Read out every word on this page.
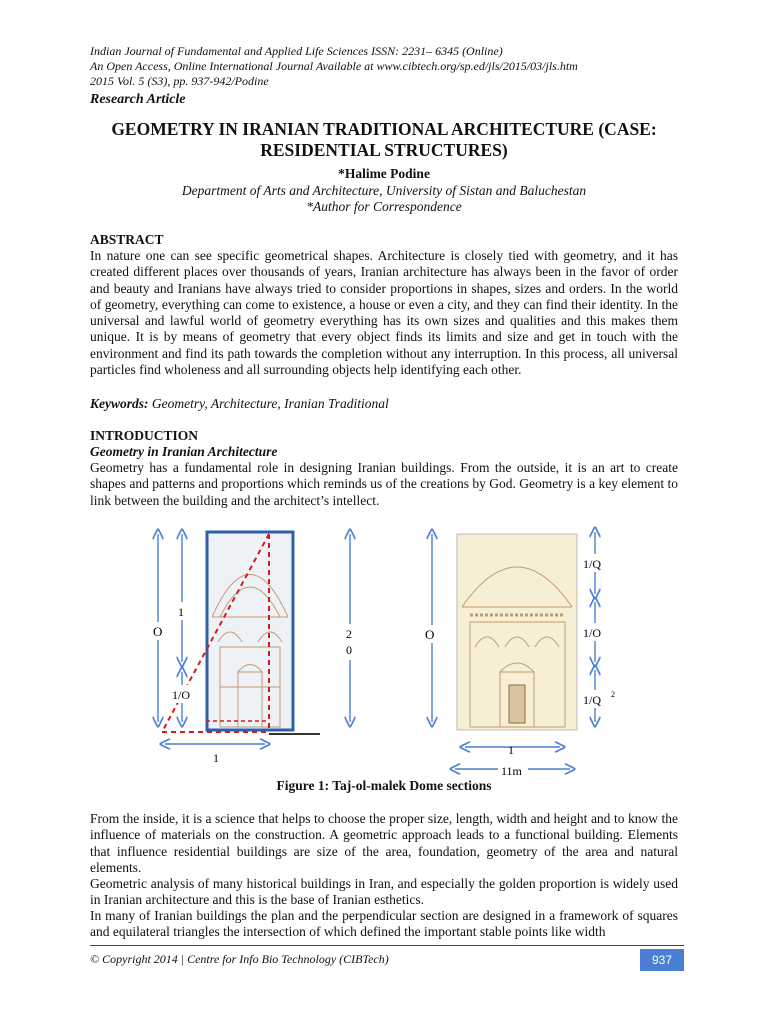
Indian Journal of Fundamental and Applied Life Sciences ISSN: 2231– 6345 (Online)
An Open Access, Online International Journal Available at www.cibtech.org/sp.ed/jls/2015/03/jls.htm
2015 Vol. 5 (S3), pp. 937-942/Podine
Research Article
GEOMETRY IN IRANIAN TRADITIONAL ARCHITECTURE (CASE: RESIDENTIAL STRUCTURES)
*Halime Podine
Department of Arts and Architecture, University of Sistan and Baluchestan
*Author for Correspondence
ABSTRACT
In nature one can see specific geometrical shapes. Architecture is closely tied with geometry, and it has created different places over thousands of years, Iranian architecture has always been in the favor of order and beauty and Iranians have always tried to consider proportions in shapes, sizes and orders. In the world of geometry, everything can come to existence, a house or even a city, and they can find their identity. In the universal and lawful world of geometry everything has its own sizes and qualities and this makes them unique. It is by means of geometry that every object finds its limits and size and get in touch with the environment and find its path towards the completion without any interruption. In this process, all universal particles find wholeness and all surrounding objects help identifying each other.
Keywords: Geometry, Architecture, Iranian Traditional
INTRODUCTION
Geometry in Iranian Architecture
Geometry has a fundamental role in designing Iranian buildings. From the outside, it is an art to create shapes and patterns and proportions which reminds us of the creations by God. Geometry is a key element to link between the building and the architect’s intellect.
O
1
1/O
2
0
1
O
1/Q
1/O
1/Q 2
1
11m
Figure 1: Taj-ol-malek Dome sections
From the inside, it is a science that helps to choose the proper size, length, width and height and to know the influence of materials on the construction. A geometric approach leads to a functional building. Elements that influence residential buildings are size of the area, foundation, geometry of the area and natural elements.
Geometric analysis of many historical buildings in Iran, and especially the golden proportion is widely used in Iranian architecture and this is the base of Iranian esthetics.
In many of Iranian buildings the plan and the perpendicular section are designed in a framework of squares and equilateral triangles the intersection of which defined the important stable points like width
© Copyright 2014 | Centre for Info Bio Technology (CIBTech)	937
